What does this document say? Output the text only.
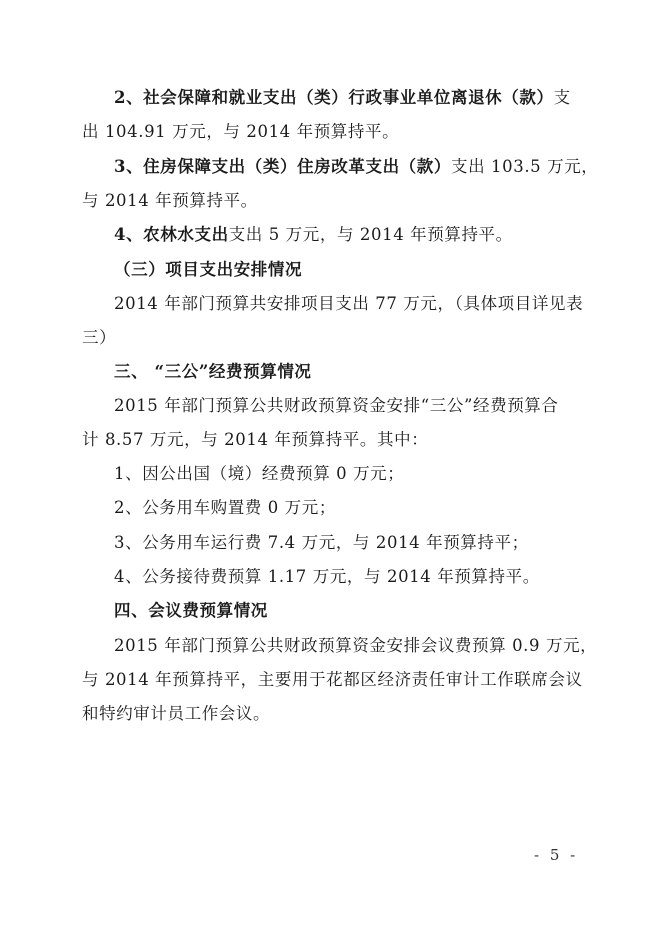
2、社会保障和就业支出（类）行政事业单位离退休（款）支
出 104.91 万元，与 2014 年预算持平。
3、住房保障支出（类）住房改革支出（款）支出 103.5 万元，
与 2014 年预算持平。
4、农林水支出支出 5 万元，与 2014 年预算持平。
（三）项目支出安排情况
2014 年部门预算共安排项目支出 77 万元，（具体项目详见表
三）
三、 “三公”经费预算情况
2015 年部门预算公共财政预算资金安排“三公”经费预算合
计 8.57 万元，与 2014 年预算持平。其中：
1、因公出国（境）经费预算 0 万元；
2、公务用车购置费 0 万元；
3、公务用车运行费 7.4 万元，与 2014 年预算持平；
4、公务接待费预算 1.17 万元，与 2014 年预算持平。
四、会议费预算情况
2015 年部门预算公共财政预算资金安排会议费预算 0.9 万元，
与 2014 年预算持平，主要用于花都区经济责任审计工作联席会议
和特约审计员工作会议。
- 5 -
